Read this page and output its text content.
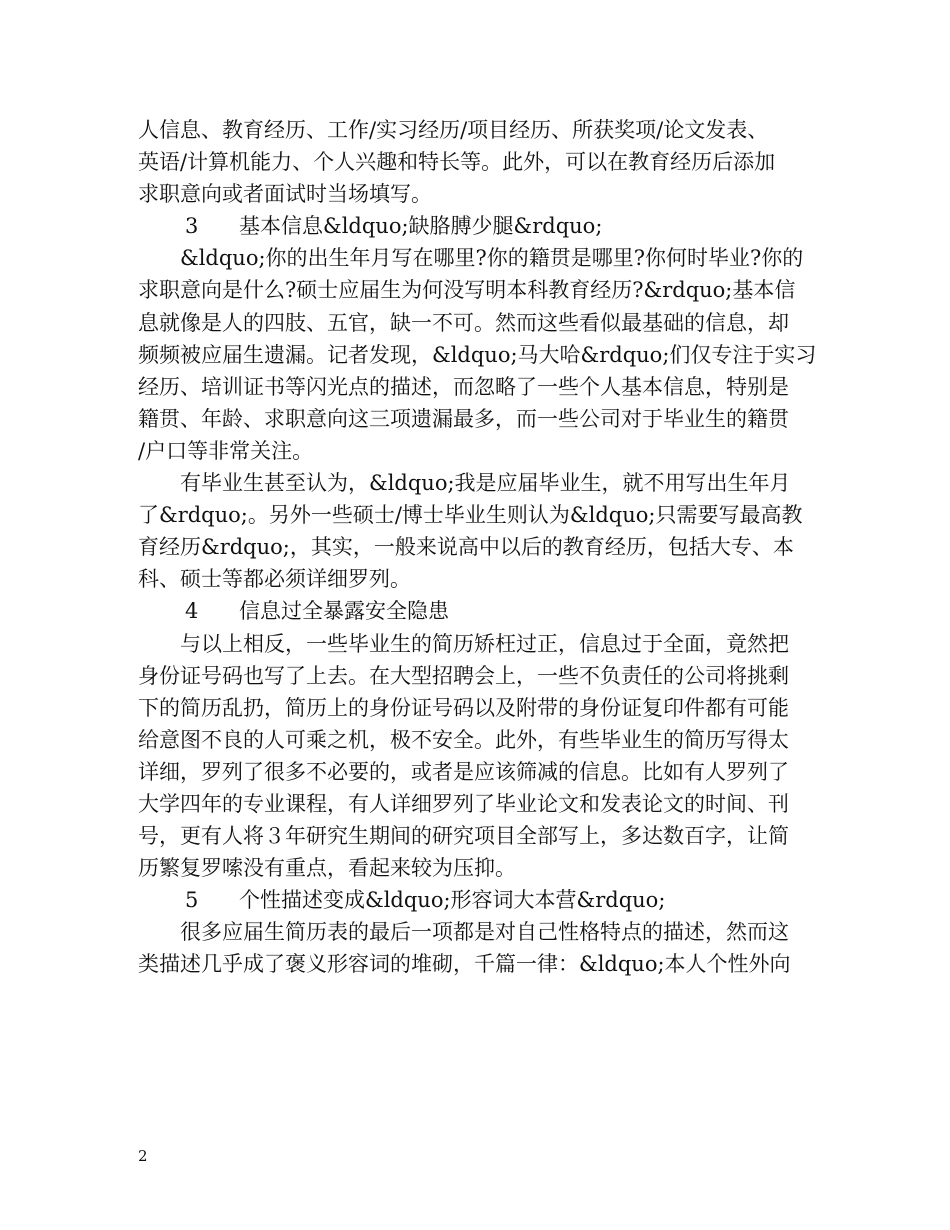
人信息、教育经历、工作/实习经历/项目经历、所获奖项/论文发表、
英语/计算机能力、个人兴趣和特长等。此外，可以在教育经历后添加
求职意向或者面试时当场填写。
3 基本信息&ldquo;缺胳膊少腿&rdquo;
&ldquo;你的出生年月写在哪里?你的籍贯是哪里?你何时毕业?你的
求职意向是什么?硕士应届生为何没写明本科教育经历?&rdquo;基本信
息就像是人的四肢、五官，缺一不可。然而这些看似最基础的信息，却
频频被应届生遗漏。记者发现，&ldquo;马大哈&rdquo;们仅专注于实习
经历、培训证书等闪光点的描述，而忽略了一些个人基本信息，特别是
籍贯、年龄、求职意向这三项遗漏最多，而一些公司对于毕业生的籍贯
/户口等非常关注。
有毕业生甚至认为，&ldquo;我是应届毕业生，就不用写出生年月
了&rdquo;。另外一些硕士/博士毕业生则认为&ldquo;只需要写最高教
育经历&rdquo;，其实，一般来说高中以后的教育经历，包括大专、本
科、硕士等都必须详细罗列。
4 信息过全暴露安全隐患
与以上相反，一些毕业生的简历矫枉过正，信息过于全面，竟然把
身份证号码也写了上去。在大型招聘会上，一些不负责任的公司将挑剩
下的简历乱扔，简历上的身份证号码以及附带的身份证复印件都有可能
给意图不良的人可乘之机，极不安全。此外，有些毕业生的简历写得太
详细，罗列了很多不必要的，或者是应该筛减的信息。比如有人罗列了
大学四年的专业课程，有人详细罗列了毕业论文和发表论文的时间、刊
号，更有人将３年研究生期间的研究项目全部写上，多达数百字，让简
历繁复罗嗦没有重点，看起来较为压抑。
5 个性描述变成&ldquo;形容词大本营&rdquo;
很多应届生简历表的最后一项都是对自己性格特点的描述，然而这
类描述几乎成了褒义形容词的堆砌，千篇一律：&ldquo;本人个性外向
2
